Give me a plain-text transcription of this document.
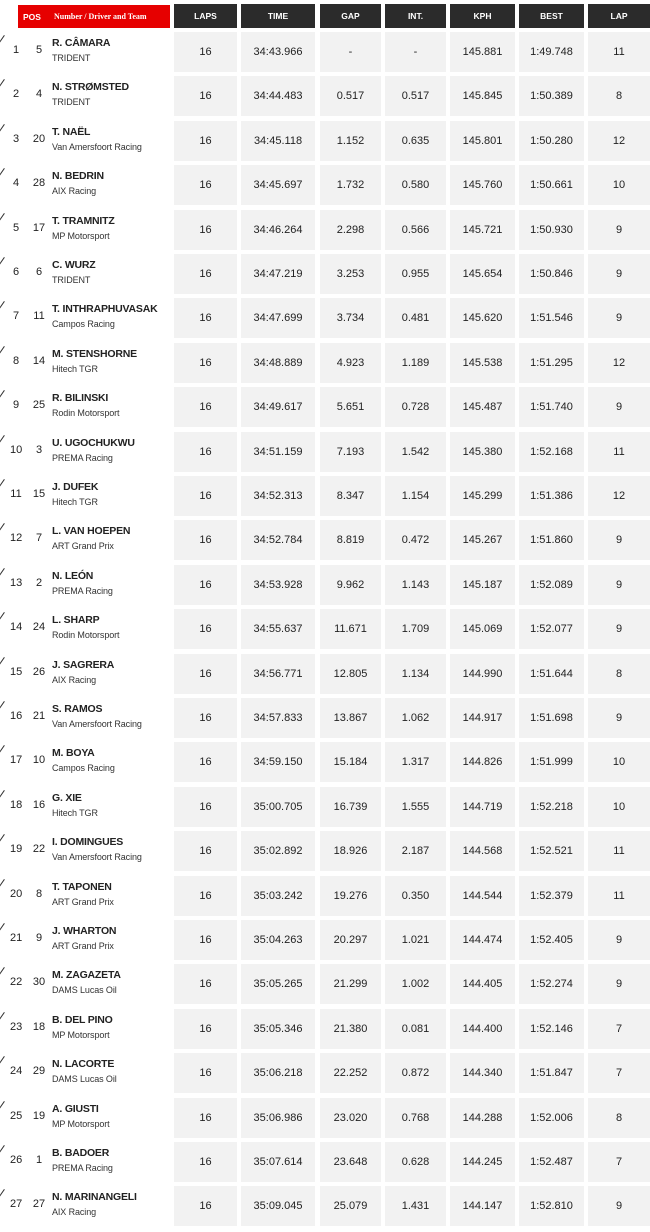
POS Number / Driver and Team	LAPS	TIME	GAP	INT.	KPH	BEST	LAP
1	5
R. CÂMARA
TRIDENT	16	34:43.966	-	-	145.881	1:49.748	11
2	4
N. STRØMSTED
TRIDENT	16	34:44.483	0.517	0.517	145.845	1:50.389	8
3 20
T. NAËL
Van Amersfoort Racing	16	34:45.118	1.152	0.635	145.801	1:50.280	12
4 28
N. BEDRIN
AIX Racing	16	34:45.697	1.732	0.580	145.760	1:50.661	10
5 17
T. TRAMNITZ
MP Motorsport	16	34:46.264	2.298	0.566	145.721	1:50.930	9
6	6
C. WURZ
TRIDENT	16	34:47.219	3.253	0.955	145.654	1:50.846	9
7 11
T. INTHRAPHUVASAK
Campos Racing	16	34:47.699	3.734	0.481	145.620	1:51.546	9
8 14
M. STENSHORNE
Hitech TGR	16	34:48.889	4.923	1.189	145.538	1:51.295	12
9 25
R. BILINSKI
Rodin Motorsport	16	34:49.617	5.651	0.728	145.487	1:51.740	9
10	3
U. UGOCHUKWU
PREMA Racing	16	34:51.159	7.193	1.542	145.380	1:52.168	11
11 15
J. DUFEK
Hitech TGR	16	34:52.313	8.347	1.154	145.299	1:51.386	12
12	7
L. VAN HOEPEN
ART Grand Prix	16	34:52.784	8.819	0.472	145.267	1:51.860	9
13	2
N. LEÓN
PREMA Racing	16	34:53.928	9.962	1.143	145.187	1:52.089	9
14 24
L. SHARP
Rodin Motorsport	16	34:55.637	11.671	1.709	145.069	1:52.077	9
15 26
J. SAGRERA
AIX Racing	16	34:56.771	12.805	1.134	144.990	1:51.644	8
16 21
S. RAMOS
Van Amersfoort Racing	16	34:57.833	13.867	1.062	144.917	1:51.698	9
17 10
M. BOYA
Campos Racing	16	34:59.150	15.184	1.317	144.826	1:51.999	10
18 16
G. XIE
Hitech TGR	16	35:00.705	16.739	1.555	144.719	1:52.218	10
19 22
I. DOMINGUES
Van Amersfoort Racing	16	35:02.892	18.926	2.187	144.568	1:52.521	11
20	8
T. TAPONEN
ART Grand Prix	16	35:03.242	19.276	0.350	144.544	1:52.379	11
21	9
J. WHARTON
ART Grand Prix	16	35:04.263	20.297	1.021	144.474	1:52.405	9
22 30
M. ZAGAZETA
DAMS Lucas Oil	16	35:05.265	21.299	1.002	144.405	1:52.274	9
23 18
B. DEL PINO
MP Motorsport	16	35:05.346	21.380	0.081	144.400	1:52.146	7
24 29
N. LACORTE
DAMS Lucas Oil	16	35:06.218	22.252	0.872	144.340	1:51.847	7
25 19
A. GIUSTI
MP Motorsport	16	35:06.986	23.020	0.768	144.288	1:52.006	8
26	1
B. BADOER
PREMA Racing	16	35:07.614	23.648	0.628	144.245	1:52.487	7
27 27
N. MARINANGELI
AIX Racing	16	35:09.045	25.079	1.431	144.147	1:52.810	9
